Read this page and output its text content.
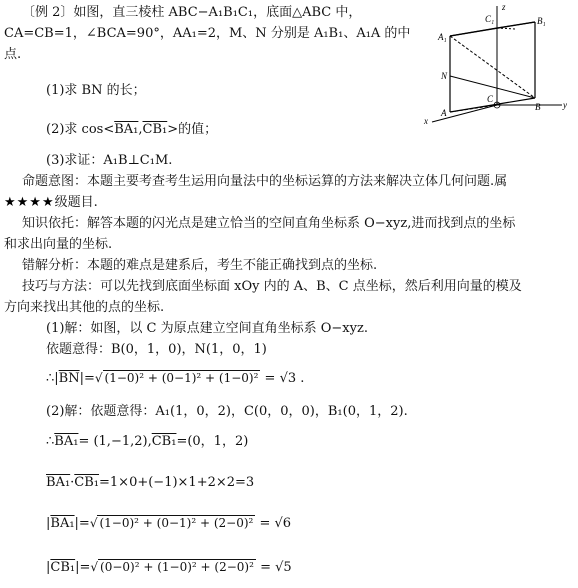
〔例 2〕如图，直三棱柱 ABC−A₁B₁C₁，底面△ABC 中，
CA=CB=1，∠BCA=90°，AA₁=2，M、N 分别是 A₁B₁、A₁A 的中
点.
z
C₁	B₁
A₁
N
A
C
B
x
y
(1)求 BN 的长；
(2)求 cos<BA₁,CB₁>的值；
(3)求证：A₁B⊥C₁M.
命题意图：本题主要考查考生运用向量法中的坐标运算的方法来解决立体几何问题.属
★★★★级题目.
知识依托：解答本题的闪光点是建立恰当的空间直角坐标系 O−xyz,进而找到点的坐标
和求出向量的坐标.
错解分析：本题的难点是建系后，考生不能正确找到点的坐标.
技巧与方法：可以先找到底面坐标面 xOy 内的 A、B、C 点坐标，然后利用向量的模及
方向来找出其他的点的坐标.
(1)解：如图，以 C 为原点建立空间直角坐标系 O−xyz.
依题意得：B(0，1，0)，N(1，0，1)
$\therefore|\overline{BN}|=√$ (1−0)² + (0−1)² + (1−0)² = √3 .
(2)解：依题意得：A₁(1，0，2)，C(0，0，0)，B₁(0，1，2).
∴BA₁= (1,−1,2),CB₁=(0，1，2)
BA₁·CB₁=1×0+(−1)×1+2×2=3
|BA₁|=√ (1−0)² + (0−1)² + (2−0)² = √6
|CB₁|=√ (0−0)² + (1−0)² + (2−0)² = √5
